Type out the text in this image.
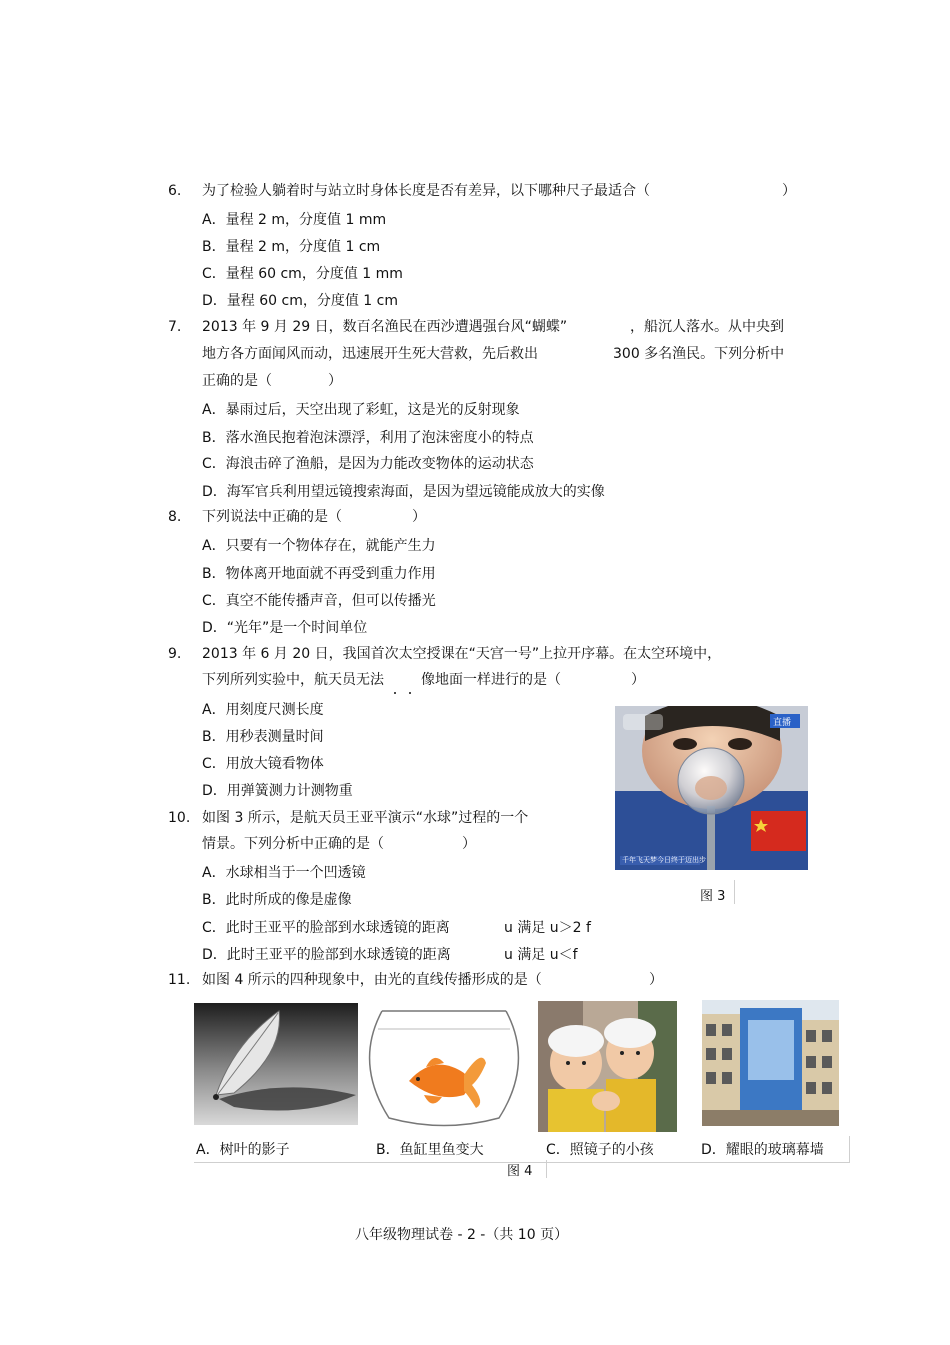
6. 为了检验人躺着时与站立时身体长度是否有差异，以下哪种尺子最适合（	）
A．量程 2 m，分度值 1 mm
B．量程 2 m，分度值 1 cm
C．量程 60 cm，分度值 1 mm
D．量程 60 cm，分度值 1 cm
7. 2013 年 9 月 29 日，数百名渔民在西沙遭遇强台风“蝴蝶”	，船沉人落水。从中央到
地方各方面闻风而动，迅速展开生死大营救，先后救出	300 多名渔民。下列分析中
正确的是（	）
A．暴雨过后，天空出现了彩虹，这是光的反射现象
B．落水渔民抱着泡沫漂浮，利用了泡沫密度小的特点
C．海浪击碎了渔船，是因为力能改变物体的运动状态
D．海军官兵利用望远镜搜索海面，是因为望远镜能成放大的实像
8. 下列说法中正确的是（	）
A．只要有一个物体存在，就能产生力
B．物体离开地面就不再受到重力作用
C．真空不能传播声音，但可以传播光
D．“光年”是一个时间单位
9. 2013 年 6 月 20 日，我国首次太空授课在“天宫一号”上拉开序幕。在太空环境中，
下列所列实验中，航天员无法	像地面一样进行的是（	）
A．用刻度尺测长度
B．用秒表测量时间
C．用放大镜看物体
D．用弹簧测力计测物重
直播
千年飞天梦今日终于迈出步
图 3
10. 如图 3 所示，是航天员王亚平演示“水球”过程的一个
情景。下列分析中正确的是（	）
A．水球相当于一个凹透镜
B．此时所成的像是虚像
C．此时王亚平的脸部到水球透镜的距离	u 满足 u＞2 f
D．此时王亚平的脸部到水球透镜的距离	u 满足 u＜f
11. 如图 4 所示的四种现象中，由光的直线传播形成的是（	）
A．树叶的影子	B．鱼缸里鱼变大	C．照镜子的小孩	D．耀眼的玻璃幕墙
图 4
八年级物理试卷 - 2 -（共 10 页）
